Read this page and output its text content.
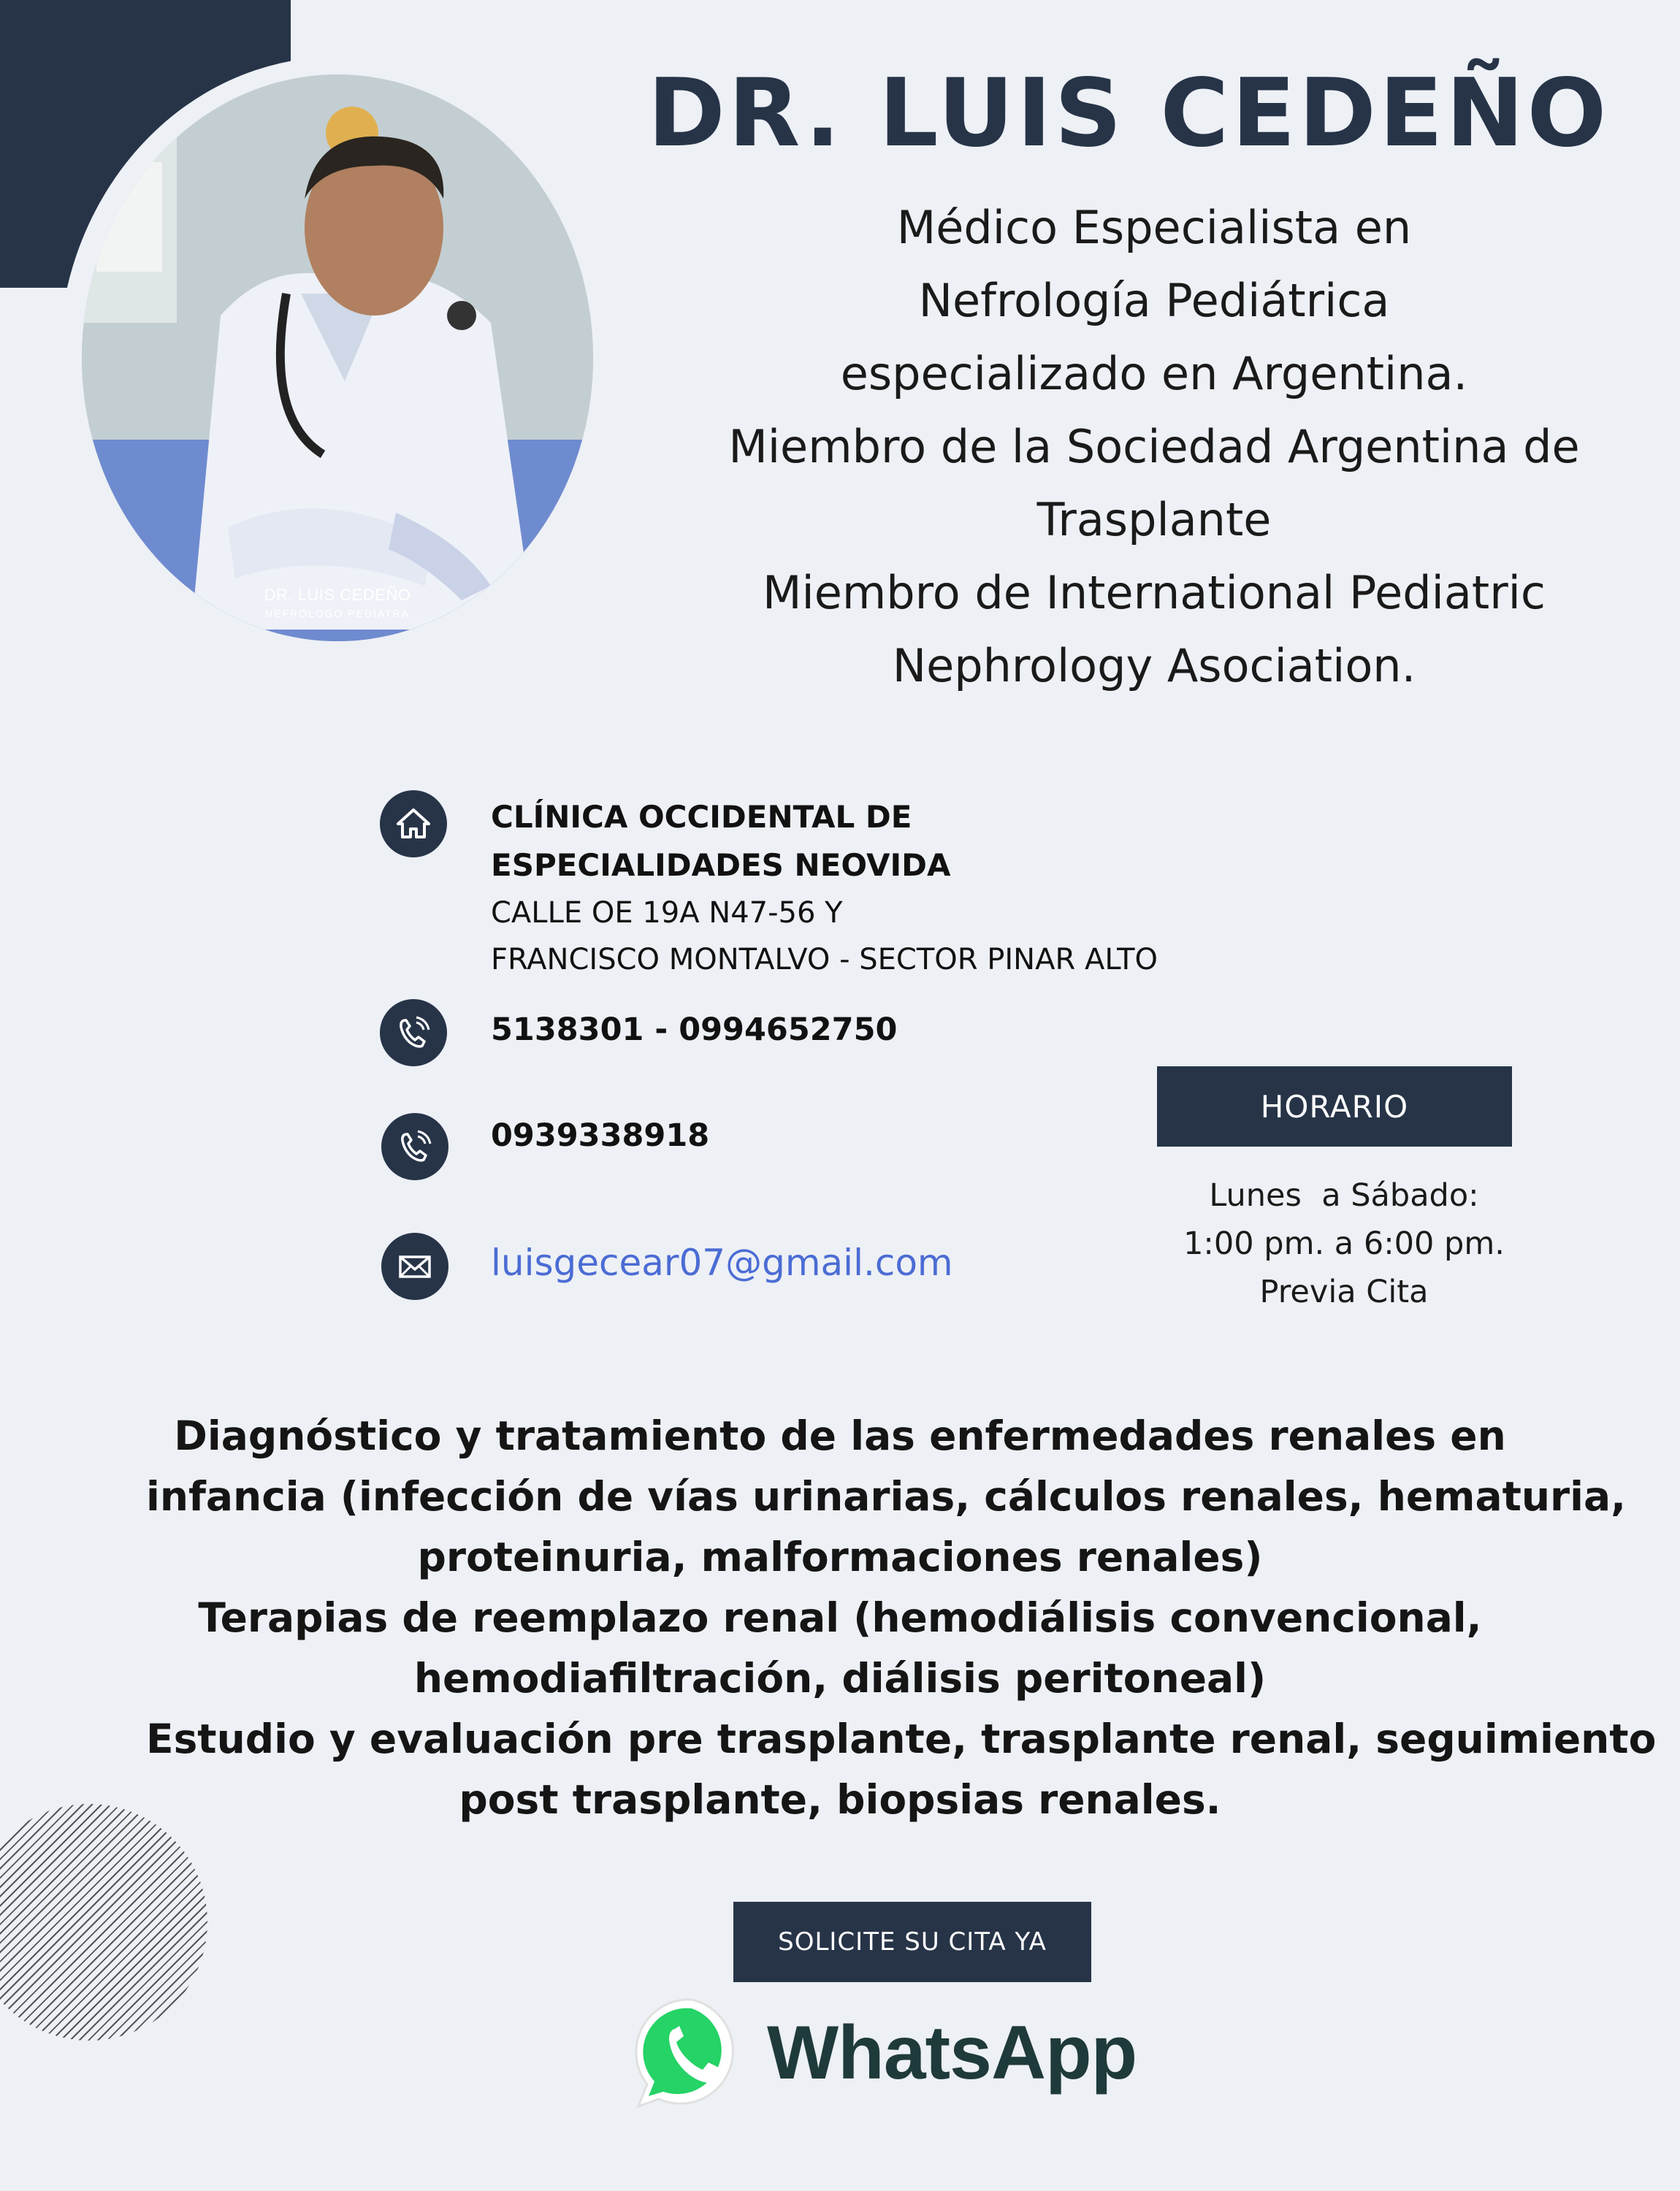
DR. LUIS CEDEÑO
NEFRÓLOGO PEDIATRA
DR. LUIS CEDEÑO
Médico Especialista en
Nefrología Pediátrica
especializado en Argentina.
Miembro de la Sociedad Argentina de
Trasplante
Miembro de International Pediatric
Nephrology Asociation.
CLÍNICA OCCIDENTAL DE
ESPECIALIDADES NEOVIDA
CALLE OE 19A N47-56 Y
FRANCISCO MONTALVO - SECTOR PINAR ALTO
5138301 - 0994652750
0939338918
luisgecear07@gmail.com
HORARIO
Lunes  a Sábado:
1:00 pm. a 6:00 pm.
Previa Cita
Diagnóstico y tratamiento de las enfermedades renales en
infancia (infección de vías urinarias, cálculos renales, hematuria,
proteinuria, malformaciones renales)
Terapias de reemplazo renal (hemodiálisis convencional,
hemodiafiltración, diálisis peritoneal)
Estudio y evaluación pre trasplante, trasplante renal, seguimiento
post trasplante, biopsias renales.
SOLICITE SU CITA YA
WhatsApp
